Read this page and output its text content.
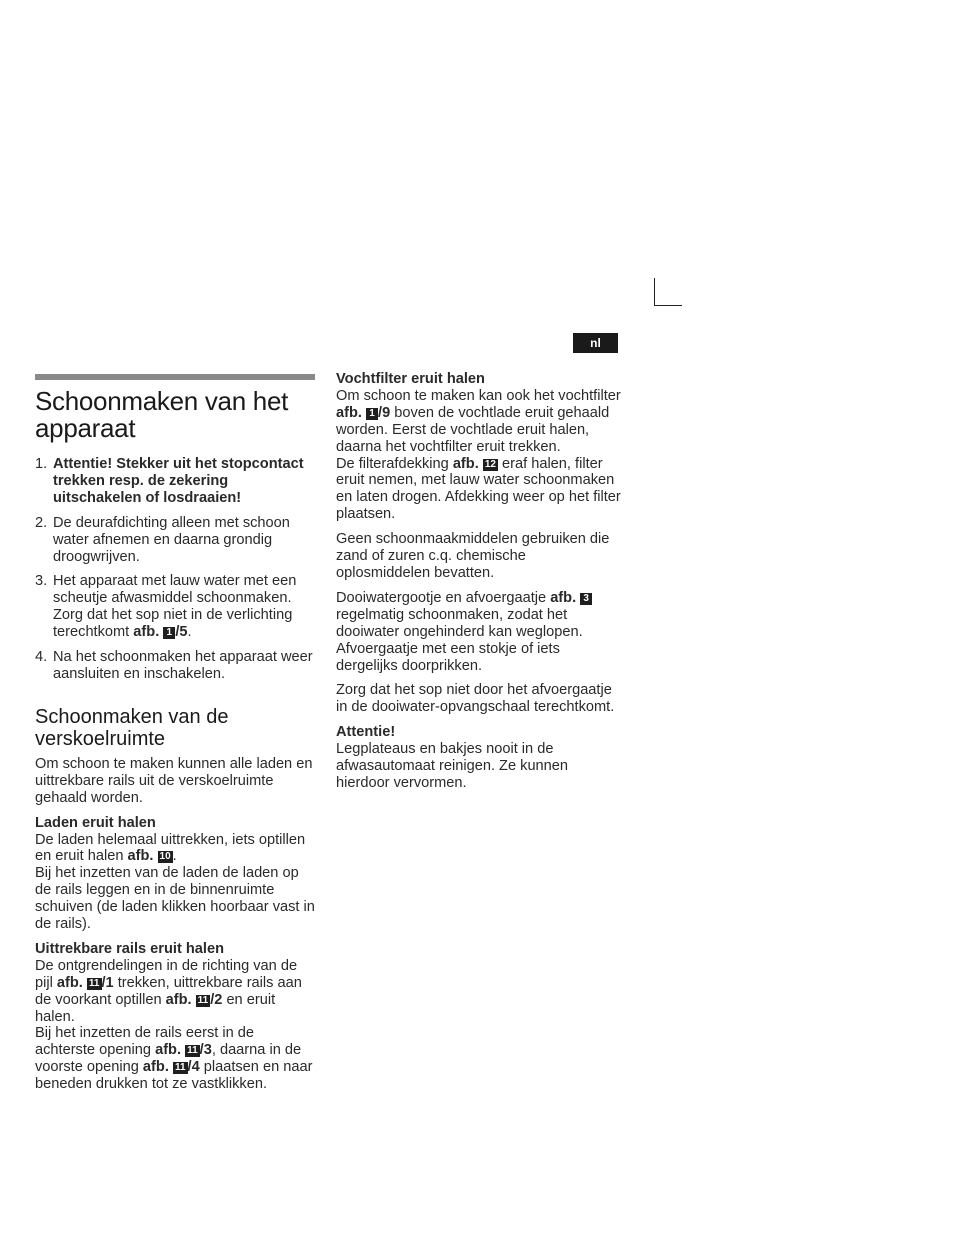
nl
Schoonmaken van het apparaat
1. Attentie! Stekker uit het stopcontact trekken resp. de zekering uitschakelen of losdraaien!
2. De deurafdichting alleen met schoon water afnemen en daarna grondig droogwrijven.
3. Het apparaat met lauw water met een scheutje afwasmiddel schoonmaken. Zorg dat het sop niet in de verlichting terechtkomt afb. 1 /5.
4. Na het schoonmaken het apparaat weer aansluiten en inschakelen.
Schoonmaken van de verskoelruimte

Om schoon te maken kunnen alle laden en uittrekbare rails uit de verskoelruimte gehaald worden.

Laden eruit halen

De laden helemaal uittrekken, iets optillen en eruit halen afb. 10 .

Bij het inzetten van de laden de laden op de rails leggen en in de binnenruimte schuiven (de laden klikken hoorbaar vast in de rails).

Uittrekbare rails eruit halen

De ontgrendelingen in de richting van de pijl afb. 11 /1 trekken, uittrekbare rails aan de voorkant optillen afb. 11 /2 en eruit halen.

Bij het inzetten de rails eerst in de achterste opening afb. 11 /3, daarna in de voorste opening afb. 11 /4 plaatsen en naar beneden drukken tot ze vastklikken.

Vochtfilter eruit halen

Om schoon te maken kan ook het vochtfilter afb. 1 /9 boven de vochtlade eruit gehaald worden. Eerst de vochtlade eruit halen, daarna het vochtfilter eruit trekken.

De filterafdekking afb. 12 eraf halen, filter eruit nemen, met lauw water schoonmaken en laten drogen. Afdekking weer op het filter plaatsen.

Geen schoonmaakmiddelen gebruiken die zand of zuren c.q. chemische oplosmiddelen bevatten.

Dooiwatergootje en afvoergaatje afb. 3 regelmatig schoonmaken, zodat het dooiwater ongehinderd kan weglopen. Afvoergaatje met een stokje of iets dergelijks doorprikken.

Zorg dat het sop niet door het afvoergaatje in de dooiwater-opvangschaal terechtkomt.

Attentie!

Legplateaus en bakjes nooit in de afwasautomaat reinigen. Ze kunnen hierdoor vervormen.
